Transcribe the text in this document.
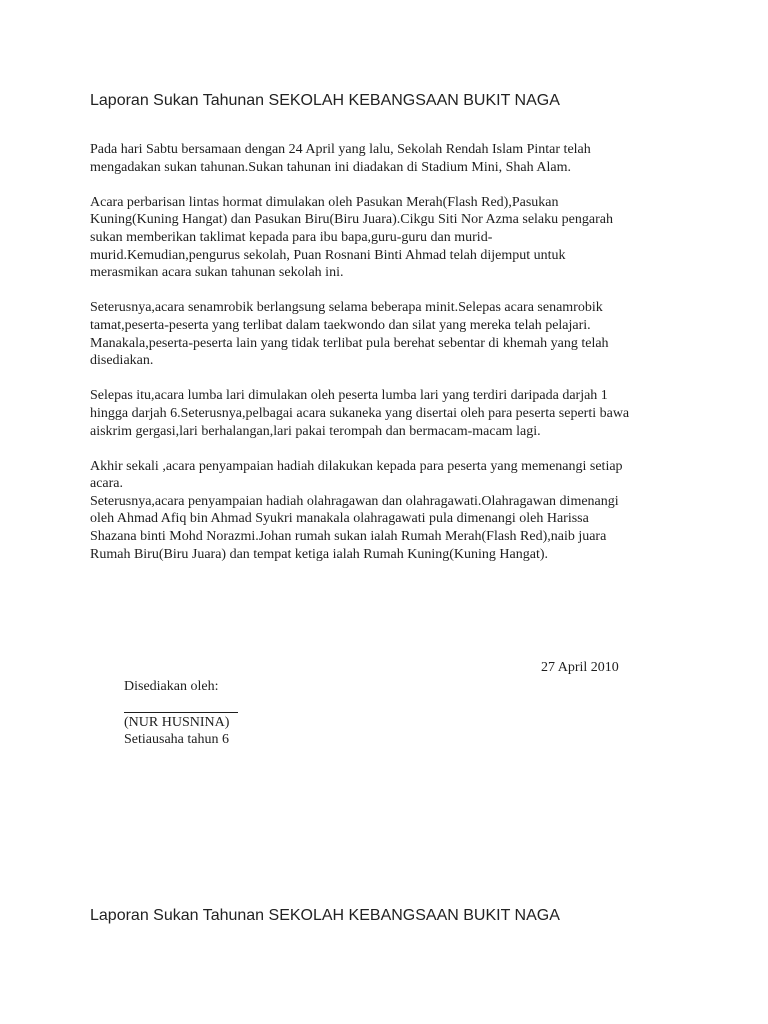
Laporan Sukan Tahunan SEKOLAH KEBANGSAAN BUKIT NAGA

Pada hari Sabtu bersamaan dengan 24 April yang lalu, Sekolah Rendah Islam Pintar telah
mengadakan sukan tahunan.Sukan tahunan ini diadakan di Stadium Mini, Shah Alam.

Acara perbarisan lintas hormat dimulakan oleh Pasukan Merah(Flash Red),Pasukan
Kuning(Kuning Hangat) dan Pasukan Biru(Biru Juara).Cikgu Siti Nor Azma selaku pengarah
sukan memberikan taklimat kepada para ibu bapa,guru-guru dan murid-
murid.Kemudian,pengurus sekolah, Puan Rosnani Binti Ahmad telah dijemput untuk
merasmikan acara sukan tahunan sekolah ini.

Seterusnya,acara senamrobik berlangsung selama beberapa minit.Selepas acara senamrobik
tamat,peserta-peserta yang terlibat dalam taekwondo dan silat yang mereka telah pelajari.
Manakala,peserta-peserta lain yang tidak terlibat pula berehat sebentar di khemah yang telah
disediakan.

Selepas itu,acara lumba lari dimulakan oleh peserta lumba lari yang terdiri daripada darjah 1
hingga darjah 6.Seterusnya,pelbagai acara sukaneka yang disertai oleh para peserta seperti bawa
aiskrim gergasi,lari berhalangan,lari pakai terompah dan bermacam-macam lagi.

Akhir sekali ,acara penyampaian hadiah dilakukan kepada para peserta yang memenangi setiap
acara.
Seterusnya,acara penyampaian hadiah olahragawan dan olahragawati.Olahragawan dimenangi
oleh Ahmad Afiq bin Ahmad Syukri manakala olahragawati pula dimenangi oleh Harissa
Shazana binti Mohd Norazmi.Johan rumah sukan ialah Rumah Merah(Flash Red),naib juara
Rumah Biru(Biru Juara) dan tempat ketiga ialah Rumah Kuning(Kuning Hangat).

27 April 2010
Disediakan oleh:
(NUR HUSNINA)
Setiausaha tahun 6
Laporan Sukan Tahunan SEKOLAH KEBANGSAAN BUKIT NAGA
